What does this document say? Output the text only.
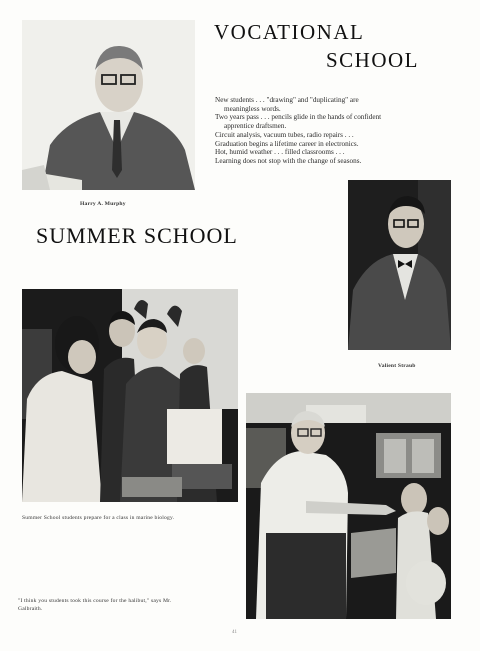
VOCATIONAL
SCHOOL
Harry A. Murphy
New students . . . "drawing" and "duplicating" are
meaningless words.
Two years pass . . . pencils glide in the hands of confident
apprentice draftsmen.
Circuit analysis, vacuum tubes, radio repairs . . .
Graduation begins a lifetime career in electronics.
Hot, humid weather . . . filled classrooms . . .
Learning does not stop with the change of seasons.
Valient Straub
SUMMER SCHOOL
Summer School students prepare for a class in marine biology.
"I think you students took this course for the halibut," says Mr.
Galbraith.
41
